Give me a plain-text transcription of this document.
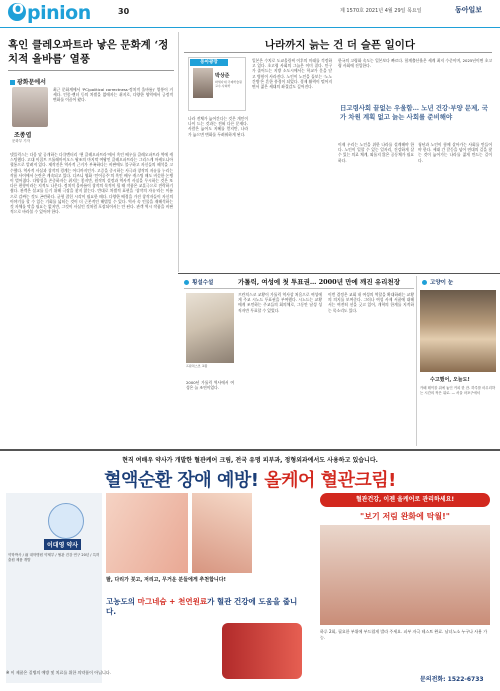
O pinion	30	제 1570호 2021년 4월 29일 목요일	동아일보
흑인 클레오파트라 낳은 문화계 ‘정치적 올바름’ 열풍
광화문에서
조종엽
문화부 기자
최근 문화계에서 ‘PC(political correctness·정치적 올바름)’ 열풍이 거세다. 인종·젠더 등의 차별을 없애자는 취지로, 다양한 영역에서 긍정적 변화를 이끌어 왔다.
넷플릭스는 다음 달 공개하는 다큐멘터리 ‘퀸 클레오파트라’에서 흑인 배우를 클레오파트라 역에 캐스팅했다. 고대 이집트 프톨레마이오스 왕조의 마지막 여왕인 클레오파트라는 그리스계 마케도니아 혈통으로 알려져 있다. 제작진은 역사적 근거가 부족하다는 비판에도 불구하고 자신들의 해석을 고수했다. 역사적 사실과 창작의 경계는 어디까지인가. 고증을 중시하는 사극과 창작의 자유를 누리는 작품 사이에서 논란은 계속되고 있다. 디즈니 영화 ‘인어공주’의 흑인 배우 캐스팅 때도 비슷한 논쟁이 벌어졌다. 다양성을 존중하자는 취지는 좋지만, 원작의 설정과 역사적 사실을 무시하는 것은 또 다른 편향이라는 지적도 나온다. 정치적 올바름이 창작의 목적이 될 때 작품은 교훈극으로 전락하기 쉽다. 관객은 설교를 듣기 위해 극장을 찾지 않는다. 반대로 차별적 표현을 ‘창작의 자유’라는 이름으로 감싸는 것도 곤란하다. 균형 잡힌 시각이 필요한 때다. 다양한 배경을 가진 창작자들이 자신의 이야기를 할 수 있는 기회를 넓히는 것이 더 근본적인 해법일 수 있다. 역사 속 인물을 재해석하는 것 자체를 막을 필요는 없지만, 그것이 사실인 것처럼 포장되어서는 안 된다. 관객 역시 작품을 비판적으로 바라볼 수 있어야 한다.
나라까지 늙는 건 더 슬픈 일이다
동아광장
박상준
와세다대 국제학술원 교수·사회학
일본은 수치로 도쿄올림픽 이후의 미래를 걱정하고 있다. 초고령 사회의 그늘은 이미 짙다. 인구가 줄어드는 지방 소도시에서는 학교가 문을 닫고 병원이 사라진다. 노인이 노인을 돌보는 ‘노노 간병’은 흔한 풍경이 되었다. 경제 활력이 떨어지면서 젊은 세대의 좌절감도 깊어진다.
나라 전체가 늙어간다는 것은 개인이 나이 드는 것과는 전혀 다른 문제다. 사람은 늙어도 지혜를 얻지만, 나라가 늙으면 변화를 두려워하게 된다.
한국의 고령화 속도는 일본보다 빠르다. 합계출산율은 세계 최저 수준이며, 2025년이면 초고령 사회에 진입한다.
日고령사회 끝없는 우울함… 노년 건강·부양 문제, 국가 차원 계획 없고 늙는 사회를 준비해야
이제 우리는 노인을 위한 나라를 설계해야 한다. 노인이 일할 수 있는 일자리, 건강하게 살 수 있는 의료 체계, 외롭지 않은 공동체가 필요하다.
청년과 노인이 함께 살아가는 사회를 만들어야 한다. 세대 간 갈등을 넘어 연대의 길을 찾는 것이 늙어가는 나라를 젊게 만드는 길이다.
횡설수설	가톨릭, 여성에 첫 투표권… 2000년 만에 깨진 유리천장
프란치스코 교황
프란치스코 교황이 가톨릭 역사상 처음으로 여성에게 주교 시노드 투표권을 부여했다. 시노드는 교황에게 조언하는 주교들의 회의체로, 그동안 남성 성직자만 투표할 수 있었다.
2000년 가톨릭 역사에서 여성은 늘 조연이었다.
이번 결정은 교회 내 여성의 역할을 확대하려는 교황의 의지를 보여준다. 그러나 여성 사제 서품에 대해서는 여전히 선을 긋고 있어, 개혁의 한계를 지적하는 목소리도 있다.
고양이 눈
수고했어, 오늘도!
카페 테이블 위에 놓인 커피 한 잔. 하루를 마무리하는 시간의 작은 위로. — 서울 마포구에서
현직 여배우 약사가 개발한 혈관케어 크림, 전국 유명 피부과, 정형외과에서도 사용하고 있습니다.
혈액순환 장애 예방! 올케어 혈관크림!
이대영 약사
약학박사 / 前 대학병원 약제부 / 혈관 건강 연구 20년 / 특허 출원 제품 개발
팔, 다리가 붓고, 저리고, 무거운 분들에게 추천합니다!
고농도의 마그네슘 + 천연원료가 혈관 건강에 도움을 줍니다.
혈관건강, 이젠 올케어로 관리하세요!
"보기 저림 완화에 탁월!"
하루 2회, 필요한 부위에 부드럽게 발라 주세요. 피부 자극 테스트 완료. 남녀노소 누구나 사용 가능.
※ 이 제품은 질병의 예방 및 치료를 위한 의약품이 아닙니다.
문의전화: 1522-6733
